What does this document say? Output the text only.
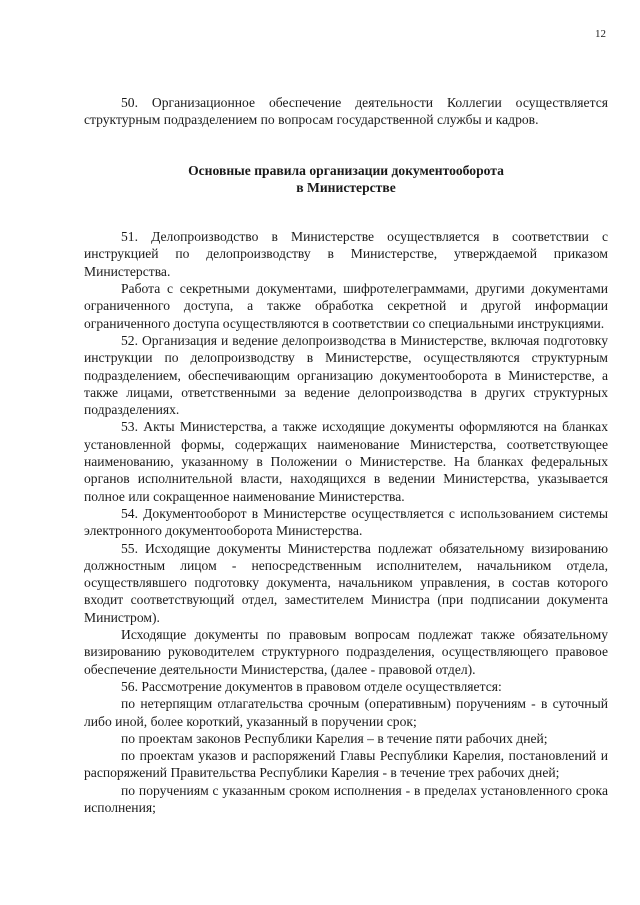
12

50. Организационное обеспечение деятельности Коллегии осуществляется структурным подразделением по вопросам государственной службы и кадров.

Основные правила организации документооборота
в Министерстве

51. Делопроизводство в Министерстве осуществляется в соответствии с инструкцией по делопроизводству в Министерстве, утверждаемой приказом Министерства.

Работа с секретными документами, шифротелеграммами, другими документами ограниченного доступа, а также обработка секретной и другой информации ограниченного доступа осуществляются в соответствии со специальными инструкциями.

52. Организация и ведение делопроизводства в Министерстве, включая подготовку инструкции по делопроизводству в Министерстве, осуществляются структурным подразделением, обеспечивающим организацию документооборота в Министерстве, а также лицами, ответственными за ведение делопроизводства в других структурных подразделениях.

53. Акты Министерства, а также исходящие документы оформляются на бланках установленной формы, содержащих наименование Министерства, соответствующее наименованию, указанному в Положении о Министерстве. На бланках федеральных органов исполнительной власти, находящихся в ведении Министерства, указывается полное или сокращенное наименование Министерства.

54. Документооборот в Министерстве осуществляется с использованием системы электронного документооборота Министерства.

55. Исходящие документы Министерства подлежат обязательному визированию должностным лицом - непосредственным исполнителем, начальником отдела, осуществлявшего подготовку документа, начальником управления, в состав которого входит соответствующий отдел, заместителем Министра (при подписании документа Министром).

Исходящие документы по правовым вопросам подлежат также обязательному визированию руководителем структурного подразделения, осуществляющего правовое обеспечение деятельности Министерства, (далее - правовой отдел).

56. Рассмотрение документов в правовом отделе осуществляется:

по нетерпящим отлагательства срочным (оперативным) поручениям - в суточный либо иной, более короткий, указанный в поручении срок;

по проектам законов Республики Карелия – в течение пяти рабочих дней;

по проектам указов и распоряжений Главы Республики Карелия, постановлений и распоряжений Правительства Республики Карелия - в течение трех рабочих дней;

по поручениям с указанным сроком исполнения - в пределах установленного срока исполнения;
